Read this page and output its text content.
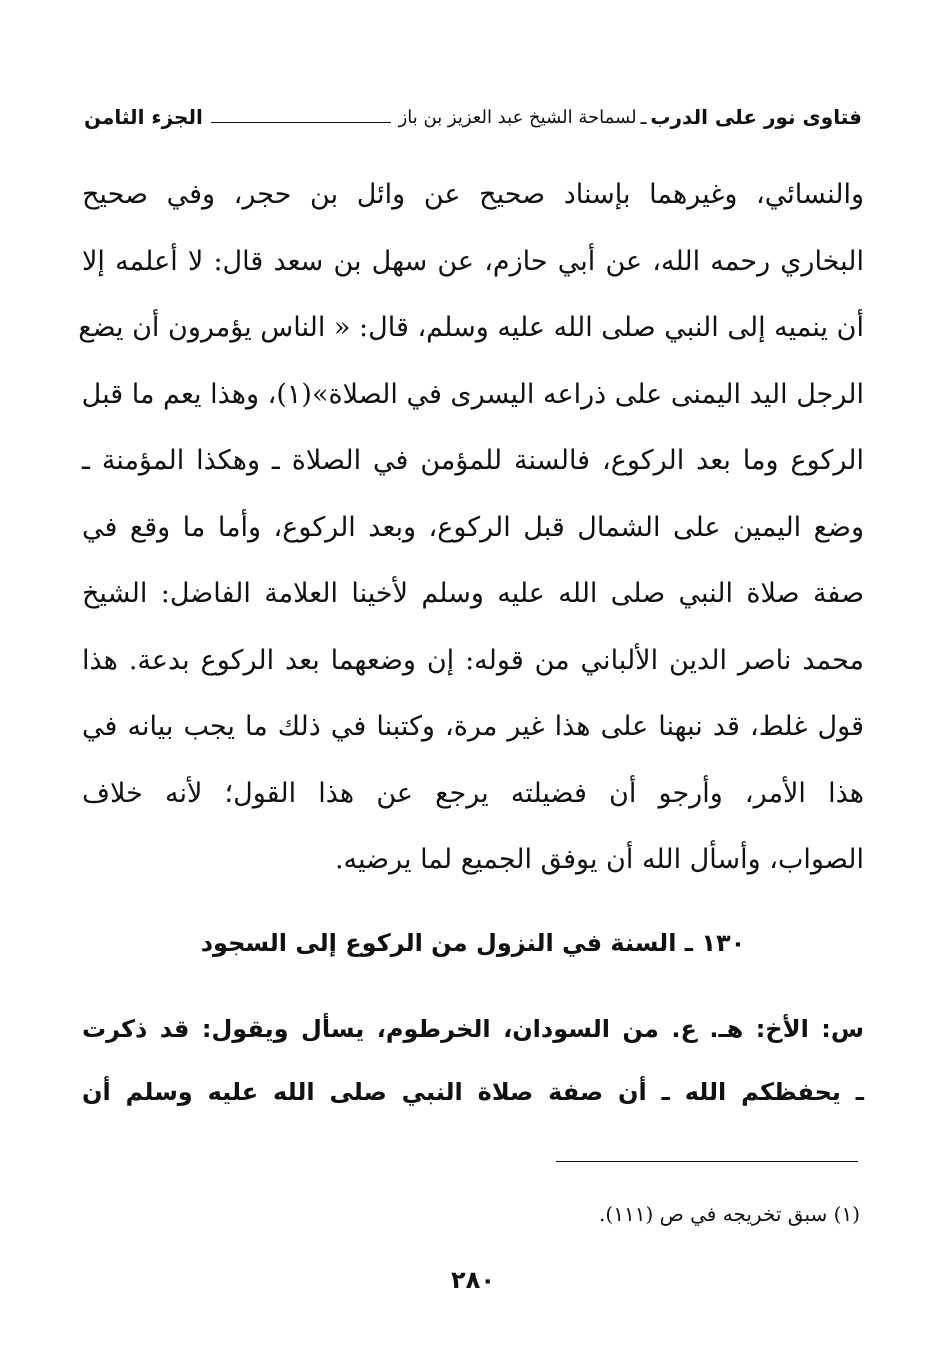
فتاوى نور على الدرب
ـ
لسماحة الشيخ عبد العزيز بن باز
الجزء الثامن
والنسائي، وغيرهما بإسناد صحيح عن وائل بن حجر، وفي صحيح
البخاري رحمه الله، عن أبي حازم، عن سهل بن سعد قال: لا أعلمه إلا
أن ينميه إلى النبي صلى الله عليه وسلم، قال: « الناس يؤمرون أن يضع
الرجل اليد اليمنى على ذراعه اليسرى في الصلاة»(١)، وهذا يعم ما قبل
الركوع وما بعد الركوع، فالسنة للمؤمن في الصلاة ـ وهكذا المؤمنة ـ
وضع اليمين على الشمال قبل الركوع، وبعد الركوع، وأما ما وقع في
صفة صلاة النبي صلى الله عليه وسلم لأخينا العلامة الفاضل: الشيخ
محمد ناصر الدين الألباني من قوله: إن وضعهما بعد الركوع بدعة. هذا
قول غلط، قد نبهنا على هذا غير مرة، وكتبنا في ذلك ما يجب بيانه في
هذا الأمر، وأرجو أن فضيلته يرجع عن هذا القول؛ لأنه خلاف
الصواب، وأسأل الله أن يوفق الجميع لما يرضيه.
١٣٠ ـ السنة في النزول من الركوع إلى السجود
س: الأخ: هـ. ع. من السودان، الخرطوم، يسأل ويقول: قد ذكرت
ـ يحفظكم الله ـ أن صفة صلاة النبي صلى الله عليه وسلم أن
(١) سبق تخريجه في ص (١١١).
٢٨٠
